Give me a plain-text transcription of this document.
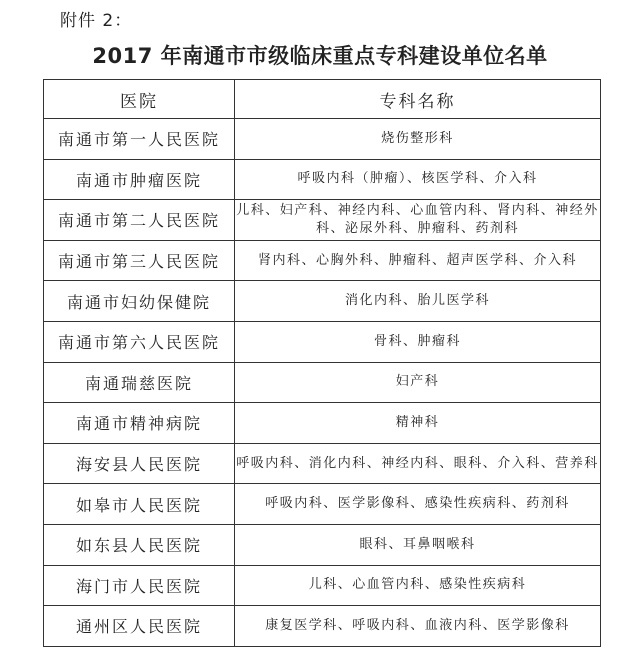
附件 2：
2017 年南通市市级临床重点专科建设单位名单
医院	专科名称
南通市第一人民医院	烧伤整形科
南通市肿瘤医院	呼吸内科（肿瘤）、核医学科、介入科
南通市第二人民医院	儿科、妇产科、神经内科、心血管内科、肾内科、神经外科、泌尿外科、肿瘤科、药剂科
南通市第三人民医院	肾内科、心胸外科、肿瘤科、超声医学科、介入科
南通市妇幼保健院	消化内科、胎儿医学科
南通市第六人民医院	骨科、肿瘤科
南通瑞慈医院	妇产科
南通市精神病院	精神科
海安县人民医院	呼吸内科、消化内科、神经内科、眼科、介入科、营养科
如皋市人民医院	呼吸内科、医学影像科、感染性疾病科、药剂科
如东县人民医院	眼科、耳鼻咽喉科
海门市人民医院	儿科、心血管内科、感染性疾病科
通州区人民医院	康复医学科、呼吸内科、血液内科、医学影像科
